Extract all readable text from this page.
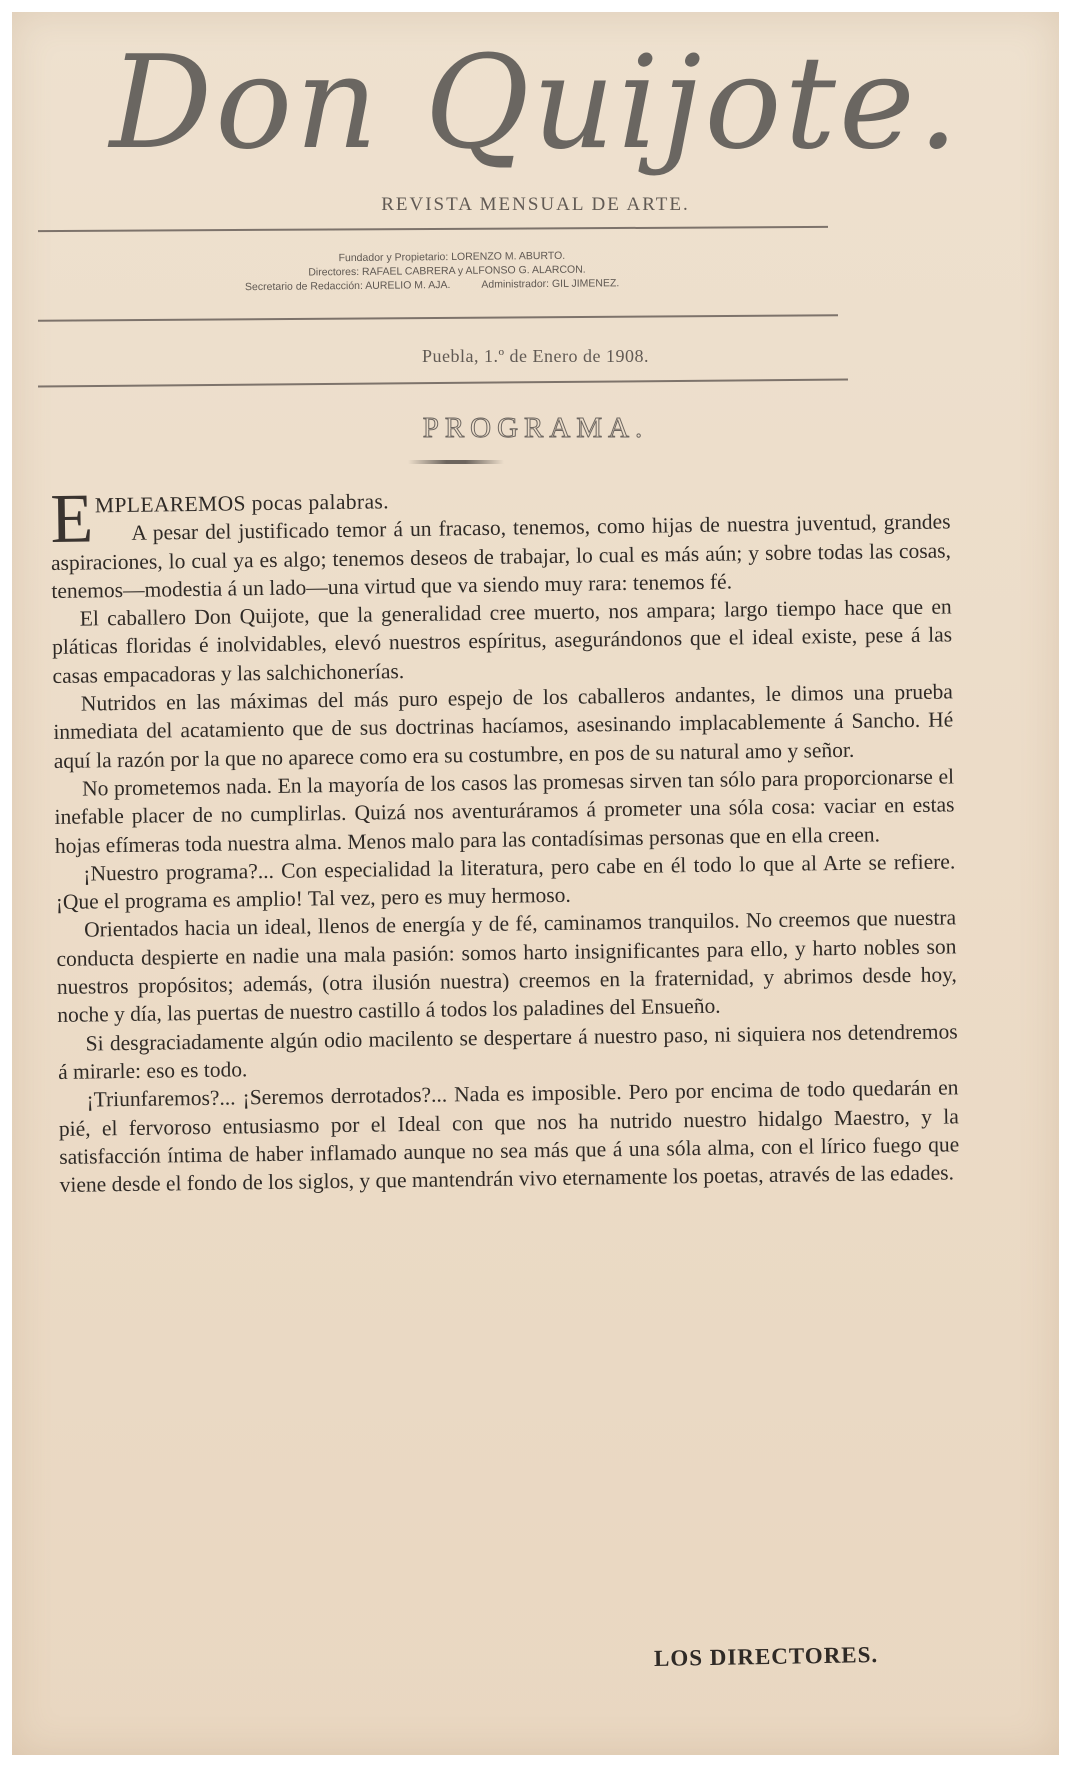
Don Quijote.
REVISTA MENSUAL DE ARTE.
Fundador y Propietario: LORENZO M. ABURTO.
Directores: RAFAEL CABRERA y ALFONSO G. ALARCON.
Secretario de Redacción: AURELIO M. AJA.	Administrador: GIL JIMENEZ.
Puebla, 1.º de Enero de 1908.
PROGRAMA.
E MPLEAREMOS pocas palabras.

A pesar del justificado temor á un fracaso, tenemos, como hijas de nuestra juventud, grandes aspiraciones, lo cual ya es algo; tenemos deseos de trabajar, lo cual es más aún; y sobre todas las cosas, tenemos—modestia á un lado—una virtud que va siendo muy rara: tenemos fé.

El caballero Don Quijote, que la generalidad cree muerto, nos ampara; largo tiempo hace que en pláticas floridas é inolvidables, elevó nuestros espíritus, asegurándonos que el ideal existe, pese á las casas empacadoras y las salchichonerías.

Nutridos en las máximas del más puro espejo de los caballeros andantes, le dimos una prueba inmediata del acatamiento que de sus doctrinas hacíamos, asesinando implacablemente á Sancho. Hé aquí la razón por la que no aparece como era su costumbre, en pos de su natural amo y señor.

No prometemos nada. En la mayoría de los casos las promesas sirven tan sólo para proporcionarse el inefable placer de no cumplirlas. Quizá nos aventuráramos á prometer una sóla cosa: vaciar en estas hojas efímeras toda nuestra alma. Menos malo para las contadísimas personas que en ella creen.

¡Nuestro programa?... Con especialidad la literatura, pero cabe en él todo lo que al Arte se refiere. ¡Que el programa es amplio! Tal vez, pero es muy hermoso.

Orientados hacia un ideal, llenos de energía y de fé, caminamos tranquilos. No creemos que nuestra conducta despierte en nadie una mala pasión: somos harto insignificantes para ello, y harto nobles son nuestros propósitos; además, (otra ilusión nuestra) creemos en la fraternidad, y abrimos desde hoy, noche y día, las puertas de nuestro castillo á todos los paladines del Ensueño.

Si desgraciadamente algún odio macilento se despertare á nuestro paso, ni siquiera nos detendremos á mirarle: eso es todo.

¡Triunfaremos?... ¡Seremos derrotados?... Nada es imposible. Pero por encima de todo quedarán en pié, el fervoroso entusiasmo por el Ideal con que nos ha nutrido nuestro hidalgo Maestro, y la satisfacción íntima de haber inflamado aunque no sea más que á una sóla alma, con el lírico fuego que viene desde el fondo de los siglos, y que mantendrán vivo eternamente los poetas, através de las edades.

LOS DIRECTORES.
